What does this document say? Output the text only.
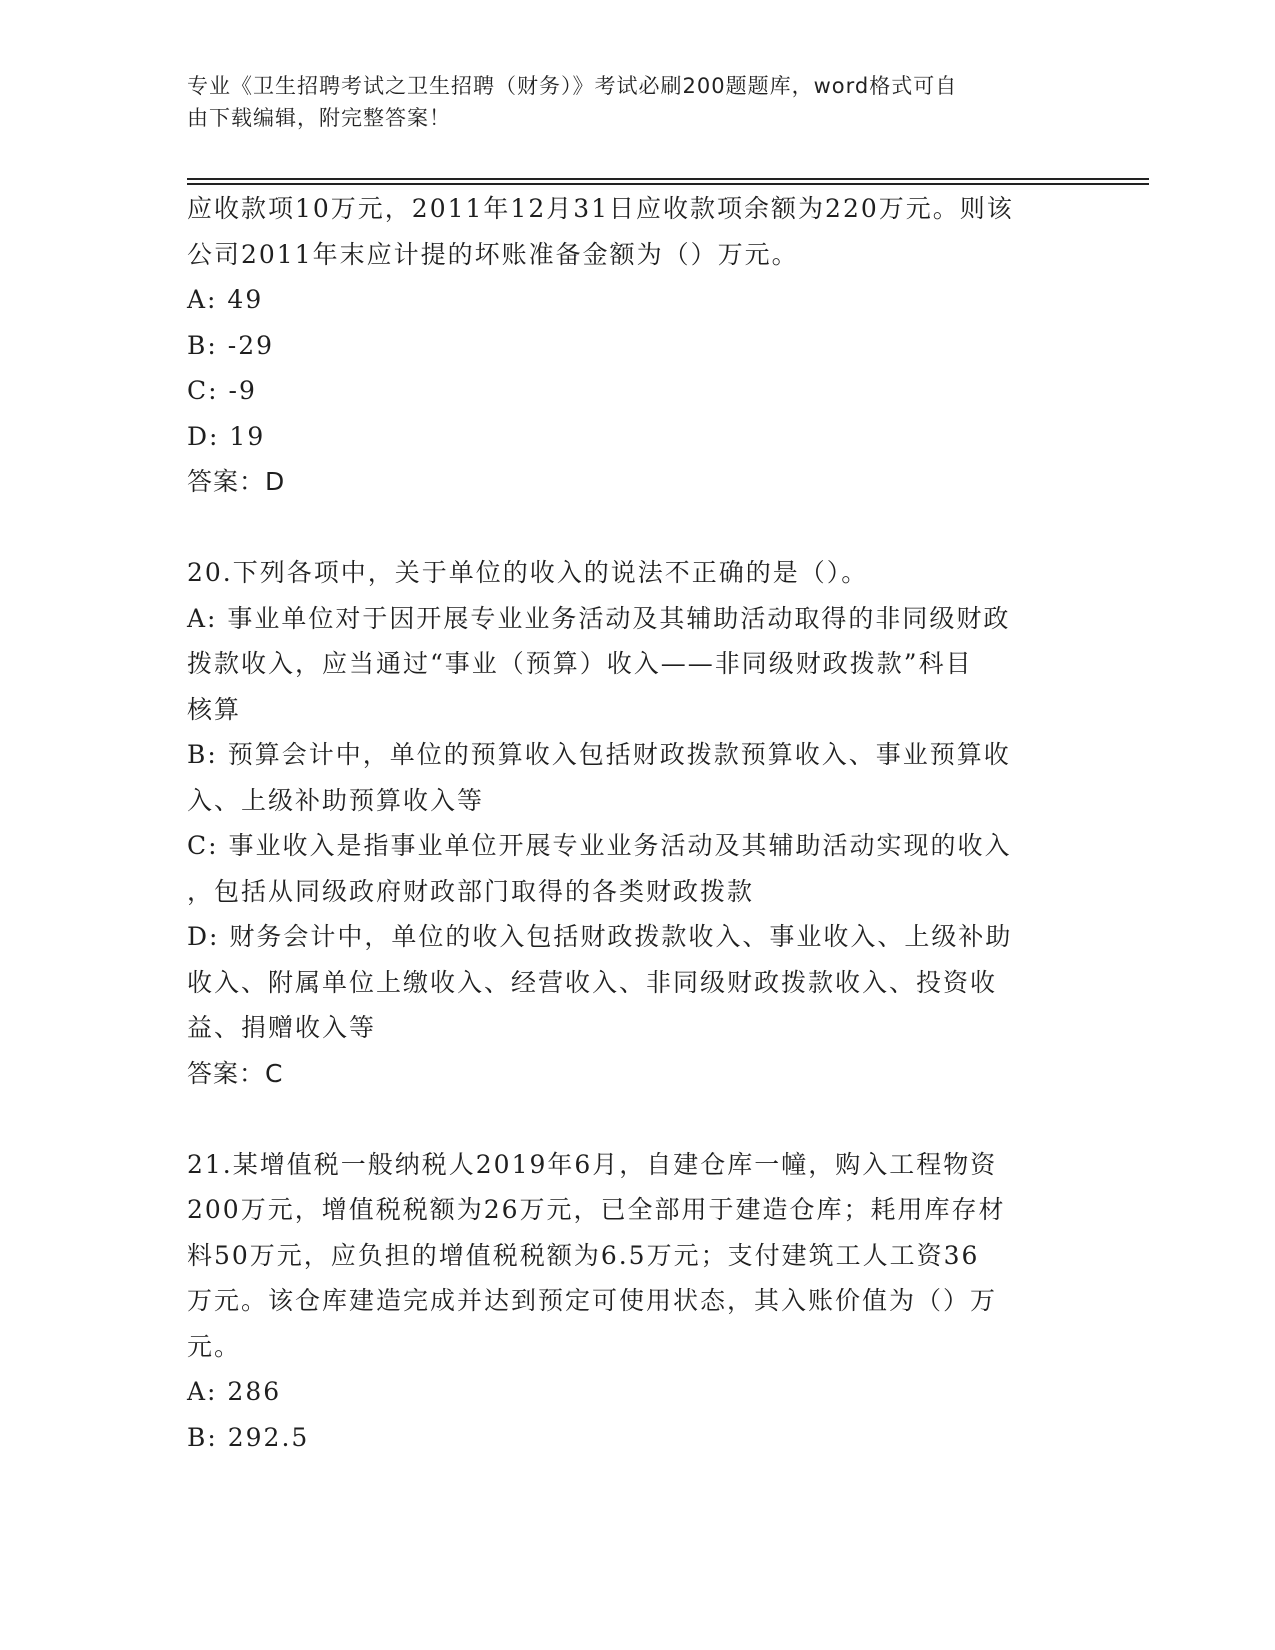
专业《卫生招聘考试之卫生招聘（财务）》考试必刷200题题库，word格式可自
由下载编辑，附完整答案！

应收款项10万元，2011年12月31日应收款项余额为220万元。则该

公司2011年末应计提的坏账准备金额为（）万元。

A: 49

B: -29

C: -9

D: 19

答案：D

20.下列各项中，关于单位的收入的说法不正确的是（）。

A: 事业单位对于因开展专业业务活动及其辅助活动取得的非同级财政

拨款收入，应当通过“事业（预算）收入——非同级财政拨款”科目

核算

B: 预算会计中，单位的预算收入包括财政拨款预算收入、事业预算收

入、上级补助预算收入等

C: 事业收入是指事业单位开展专业业务活动及其辅助活动实现的收入

，包括从同级政府财政部门取得的各类财政拨款

D: 财务会计中，单位的收入包括财政拨款收入、事业收入、上级补助

收入、附属单位上缴收入、经营收入、非同级财政拨款收入、投资收

益、捐赠收入等

答案：C

21.某增值税一般纳税人2019年6月，自建仓库一幢，购入工程物资

200万元，增值税税额为26万元，已全部用于建造仓库；耗用库存材

料50万元，应负担的增值税税额为6.5万元；支付建筑工人工资36

万元。该仓库建造完成并达到预定可使用状态，其入账价值为（）万

元。

A: 286

B: 292.5
